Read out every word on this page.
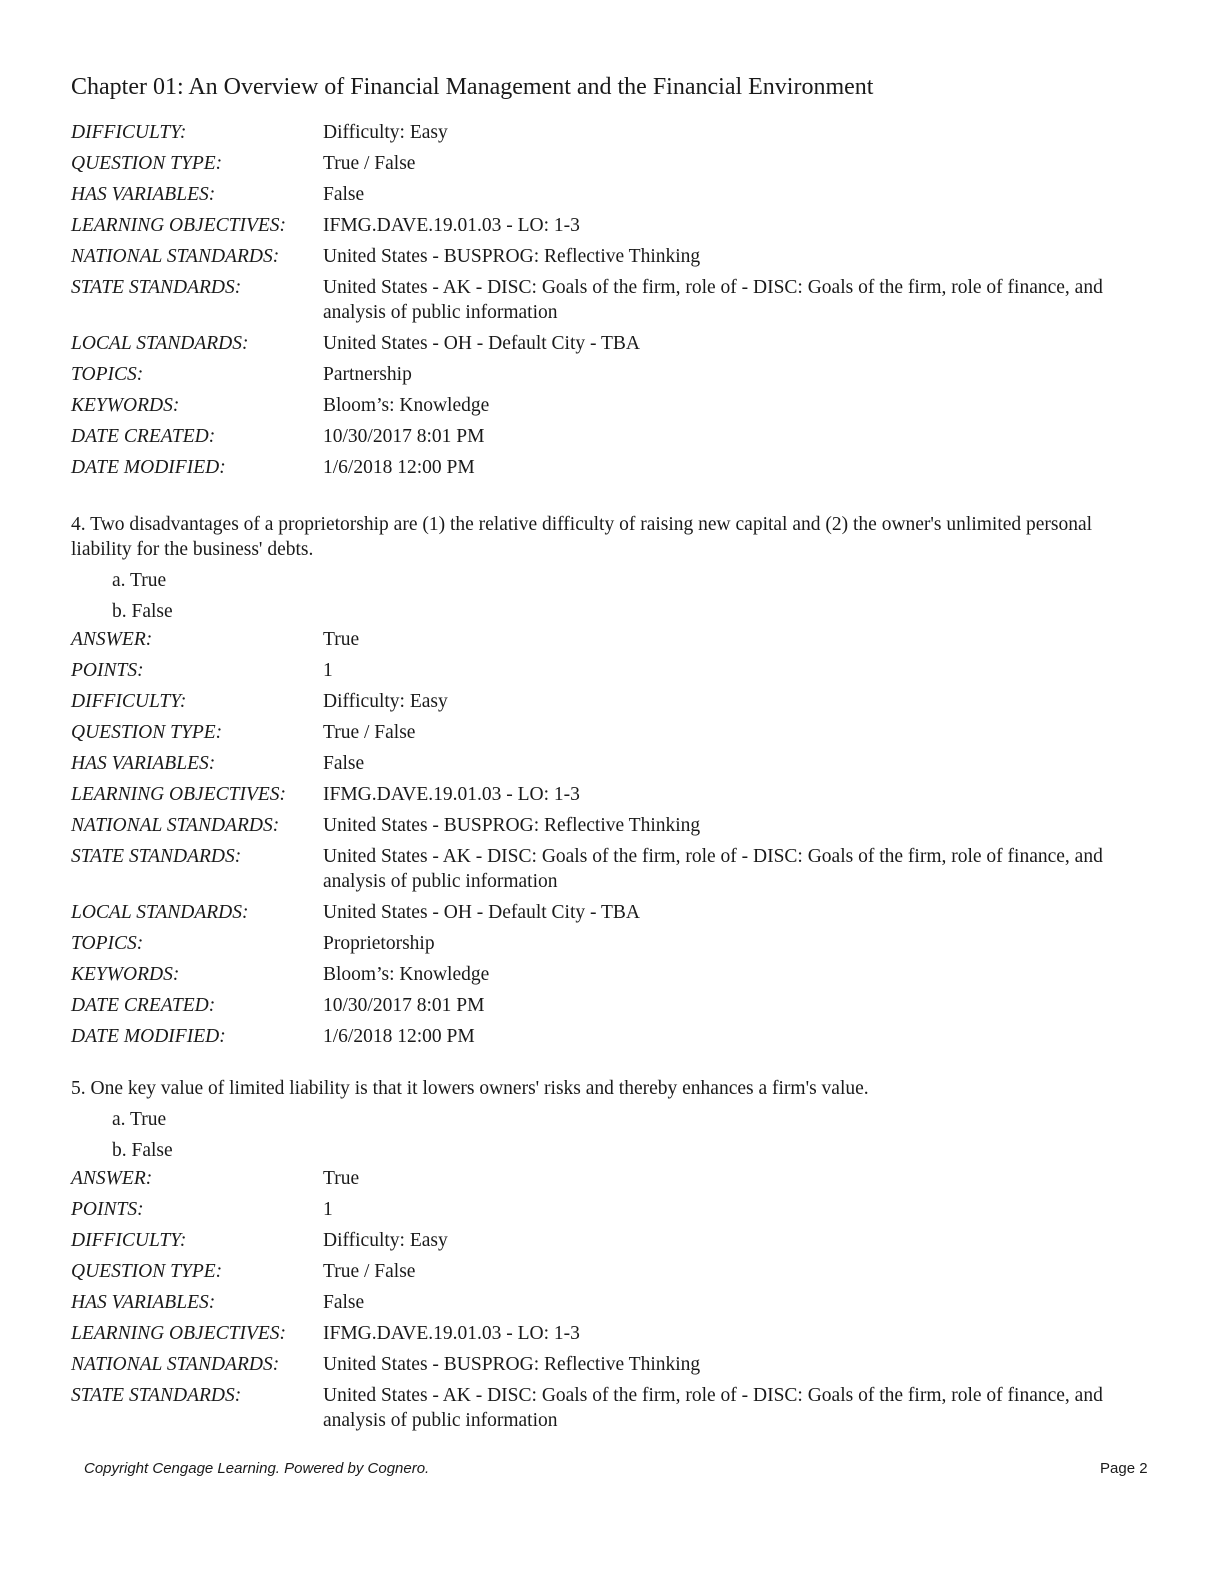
Chapter 01: An Overview of Financial Management and the Financial Environment
DIFFICULTY:	Difficulty: Easy
QUESTION TYPE:	True / False
HAS VARIABLES:	False
LEARNING OBJECTIVES:	IFMG.DAVE.19.01.03 - LO: 1-3
NATIONAL STANDARDS:	United States - BUSPROG: Reflective Thinking
STATE STANDARDS:	United States - AK - DISC: Goals of the firm, role of - DISC: Goals of the firm, role of finance, and analysis of public information
LOCAL STANDARDS:	United States - OH - Default City - TBA
TOPICS:	Partnership
KEYWORDS:	Bloom’s: Knowledge
DATE CREATED:	10/30/2017 8:01 PM
DATE MODIFIED:	1/6/2018 12:00 PM
4. Two disadvantages of a proprietorship are (1) the relative difficulty of raising new capital and (2) the owner's unlimited personal liability for the business' debts.
a. True
b. False
ANSWER:	True
POINTS:	1
DIFFICULTY:	Difficulty: Easy
QUESTION TYPE:	True / False
HAS VARIABLES:	False
LEARNING OBJECTIVES:	IFMG.DAVE.19.01.03 - LO: 1-3
NATIONAL STANDARDS:	United States - BUSPROG: Reflective Thinking
STATE STANDARDS:	United States - AK - DISC: Goals of the firm, role of - DISC: Goals of the firm, role of finance, and analysis of public information
LOCAL STANDARDS:	United States - OH - Default City - TBA
TOPICS:	Proprietorship
KEYWORDS:	Bloom’s: Knowledge
DATE CREATED:	10/30/2017 8:01 PM
DATE MODIFIED:	1/6/2018 12:00 PM
5. One key value of limited liability is that it lowers owners' risks and thereby enhances a firm's value.
a. True
b. False
ANSWER:	True
POINTS:	1
DIFFICULTY:	Difficulty: Easy
QUESTION TYPE:	True / False
HAS VARIABLES:	False
LEARNING OBJECTIVES:	IFMG.DAVE.19.01.03 - LO: 1-3
NATIONAL STANDARDS:	United States - BUSPROG: Reflective Thinking
STATE STANDARDS:	United States - AK - DISC: Goals of the firm, role of - DISC: Goals of the firm, role of finance, and analysis of public information
Copyright Cengage Learning. Powered by Cognero.	Page 2
